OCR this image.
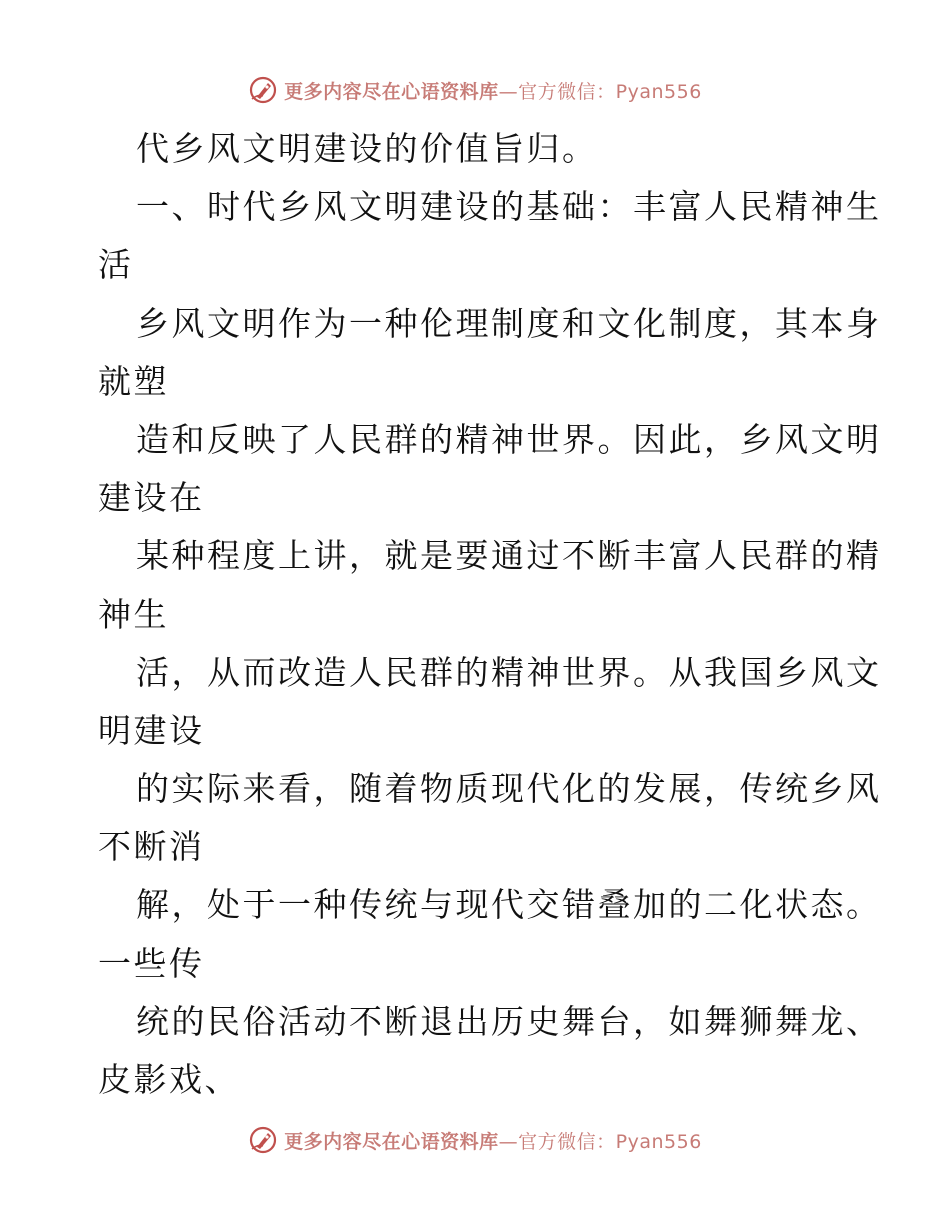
更多内容尽在心语资料库—官方微信：Pyan556
代乡风文明建设的价值旨归。
一、时代乡风文明建设的基础：丰富人民精神生
活
乡风文明作为一种伦理制度和文化制度，其本身
就塑
造和反映了人民群的精神世界。因此，乡风文明
建设在
某种程度上讲，就是要通过不断丰富人民群的精
神生
活，从而改造人民群的精神世界。从我国乡风文
明建设
的实际来看，随着物质现代化的发展，传统乡风
不断消
解，处于一种传统与现代交错叠加的二化状态。
一些传
统的民俗活动不断退出历史舞台，如舞狮舞龙、
皮影戏、
更多内容尽在心语资料库—官方微信：Pyan556
